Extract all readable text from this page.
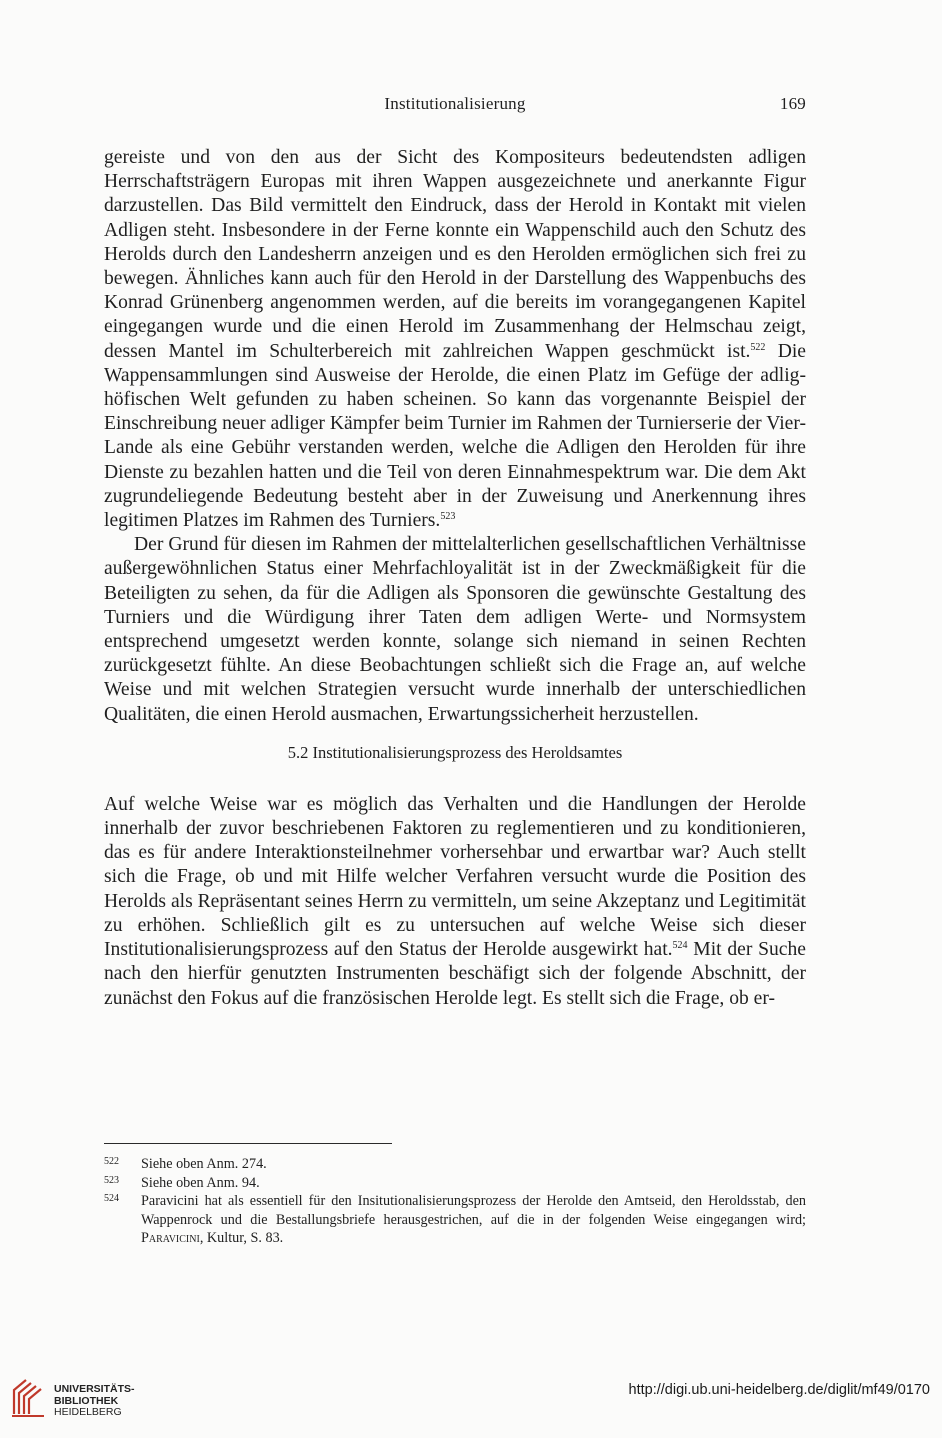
Institutionalisierung	169

gereiste und von den aus der Sicht des Kompositeurs bedeutendsten adligen Herrschaftsträgern Europas mit ihren Wappen ausgezeichnete und anerkannte Figur darzustellen. Das Bild vermittelt den Eindruck, dass der Herold in Kontakt mit vielen Adligen steht. Insbesondere in der Ferne konnte ein Wappenschild auch den Schutz des Herolds durch den Landesherrn anzeigen und es den Herolden ermöglichen sich frei zu bewegen. Ähnliches kann auch für den Herold in der Darstellung des Wappenbuchs des Konrad Grünenberg angenommen werden, auf die bereits im vorangegangenen Kapitel eingegangen wurde und die einen Herold im Zusammenhang der Helmschau zeigt, dessen Mantel im Schulterbereich mit zahlreichen Wappen geschmückt ist.$^{522}$ Die Wappensammlungen sind Ausweise der Herolde, die einen Platz im Gefüge der adlig-höfischen Welt gefunden zu haben scheinen. So kann das vorgenannte Beispiel der Einschreibung neuer adliger Kämpfer beim Turnier im Rahmen der Turnierserie der Vier-Lande als eine Gebühr verstanden werden, welche die Adligen den Herolden für ihre Dienste zu bezahlen hatten und die Teil von deren Einnahmespektrum war. Die dem Akt zugrundeliegende Bedeutung besteht aber in der Zuweisung und Anerkennung ihres legitimen Platzes im Rahmen des Turniers.$^{523}$

Der Grund für diesen im Rahmen der mittelalterlichen gesellschaftlichen Verhältnisse außergewöhnlichen Status einer Mehrfachloyalität ist in der Zweckmäßigkeit für die Beteiligten zu sehen, da für die Adligen als Sponsoren die gewünschte Gestaltung des Turniers und die Würdigung ihrer Taten dem adligen Werte- und Normsystem entsprechend umgesetzt werden konnte, solange sich niemand in seinen Rechten zurückgesetzt fühlte. An diese Beobachtungen schließt sich die Frage an, auf welche Weise und mit welchen Strategien versucht wurde innerhalb der unterschiedlichen Qualitäten, die einen Herold ausmachen, Erwartungssicherheit herzustellen.

5.2 Institutionalisierungsprozess des Heroldsamtes

Auf welche Weise war es möglich das Verhalten und die Handlungen der Herolde innerhalb der zuvor beschriebenen Faktoren zu reglementieren und zu konditionieren, das es für andere Interaktionsteilnehmer vorhersehbar und erwartbar war? Auch stellt sich die Frage, ob und mit Hilfe welcher Verfahren versucht wurde die Position des Herolds als Repräsentant seines Herrn zu vermitteln, um seine Akzeptanz und Legitimität zu erhöhen. Schließlich gilt es zu untersuchen auf welche Weise sich dieser Institutionalisierungsprozess auf den Status der Herolde ausgewirkt hat.$^{524}$ Mit der Suche nach den hierfür genutzten Instrumenten beschäfigt sich der folgende Abschnitt, der zunächst den Fokus auf die französischen Herolde legt. Es stellt sich die Frage, ob er-

522	Siehe oben Anm. 274.
523	Siehe oben Anm. 94.
524	Paravicini hat als essentiell für den Insitutionalisierungsprozess der Herolde den Amtseid, den Heroldsstab, den Wappenrock und die Bestallungsbriefe herausgestrichen, auf die in der folgenden Weise eingegangen wird; Paravicini, Kultur, S. 83.
UNIVERSITÄTS-
BIBLIOTHEK
HEIDELBERG
http://digi.ub.uni-heidelberg.de/diglit/mf49/0170
